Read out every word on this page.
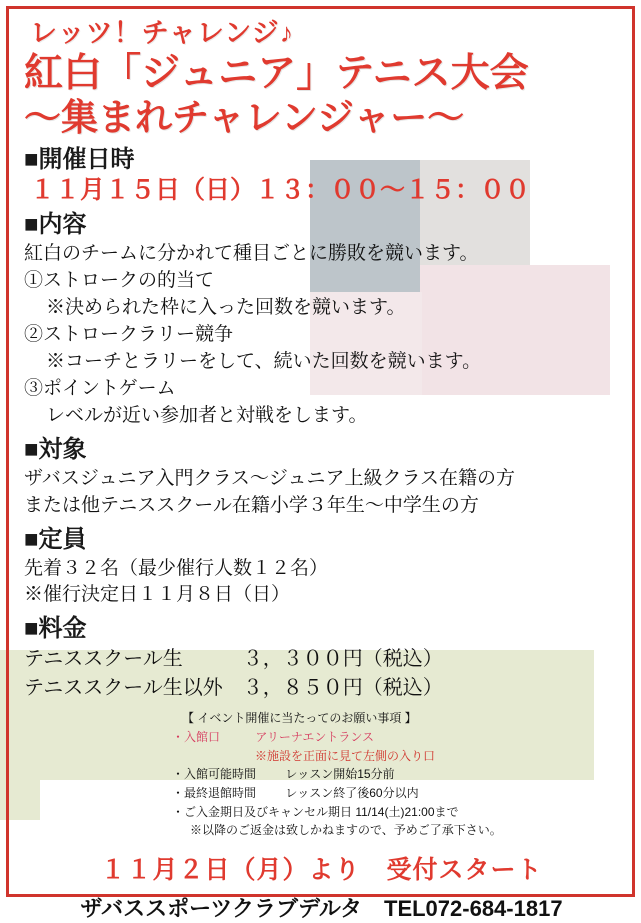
レッツ！チャレンジ♪
紅白「ジュニア」テニス大会
〜集まれチャレンジャー〜
■開催日時
１１月１５日（日）１３：００〜１５：００
■内容
紅白のチームに分かれて種目ごとに勝敗を競います。
①ストロークの的当て
※決められた枠に入った回数を競います。
②ストロークラリー競争
※コーチとラリーをして、続いた回数を競います。
③ポイントゲーム
レベルが近い参加者と対戦をします。
■対象
ザバスジュニア入門クラス〜ジュニア上級クラス在籍の方
または他テニススクール在籍小学３年生〜中学生の方
■定員
先着３２名（最少催行人数１２名）
※催行決定日１１月８日（日）
■料金
テニススクール生　　　３，３００円（税込）
テニススクール生以外　３，８５０円（税込）
【 イベント開催に当たってのお願い事項 】
・入館口	アリーナエントランス
※施設を正面に見て左側の入り口
・入館可能時間 レッスン開始15分前
・最終退館時間 レッスン終了後60分以内
・ご入金期日及びキャンセル期日 11/14(土)21:00まで
※以降のご返金は致しかねますので、予めご了承下さい。
１１月２日（月）より　受付スタート
ザバススポーツクラブデルタ　TEL072-684-1817
